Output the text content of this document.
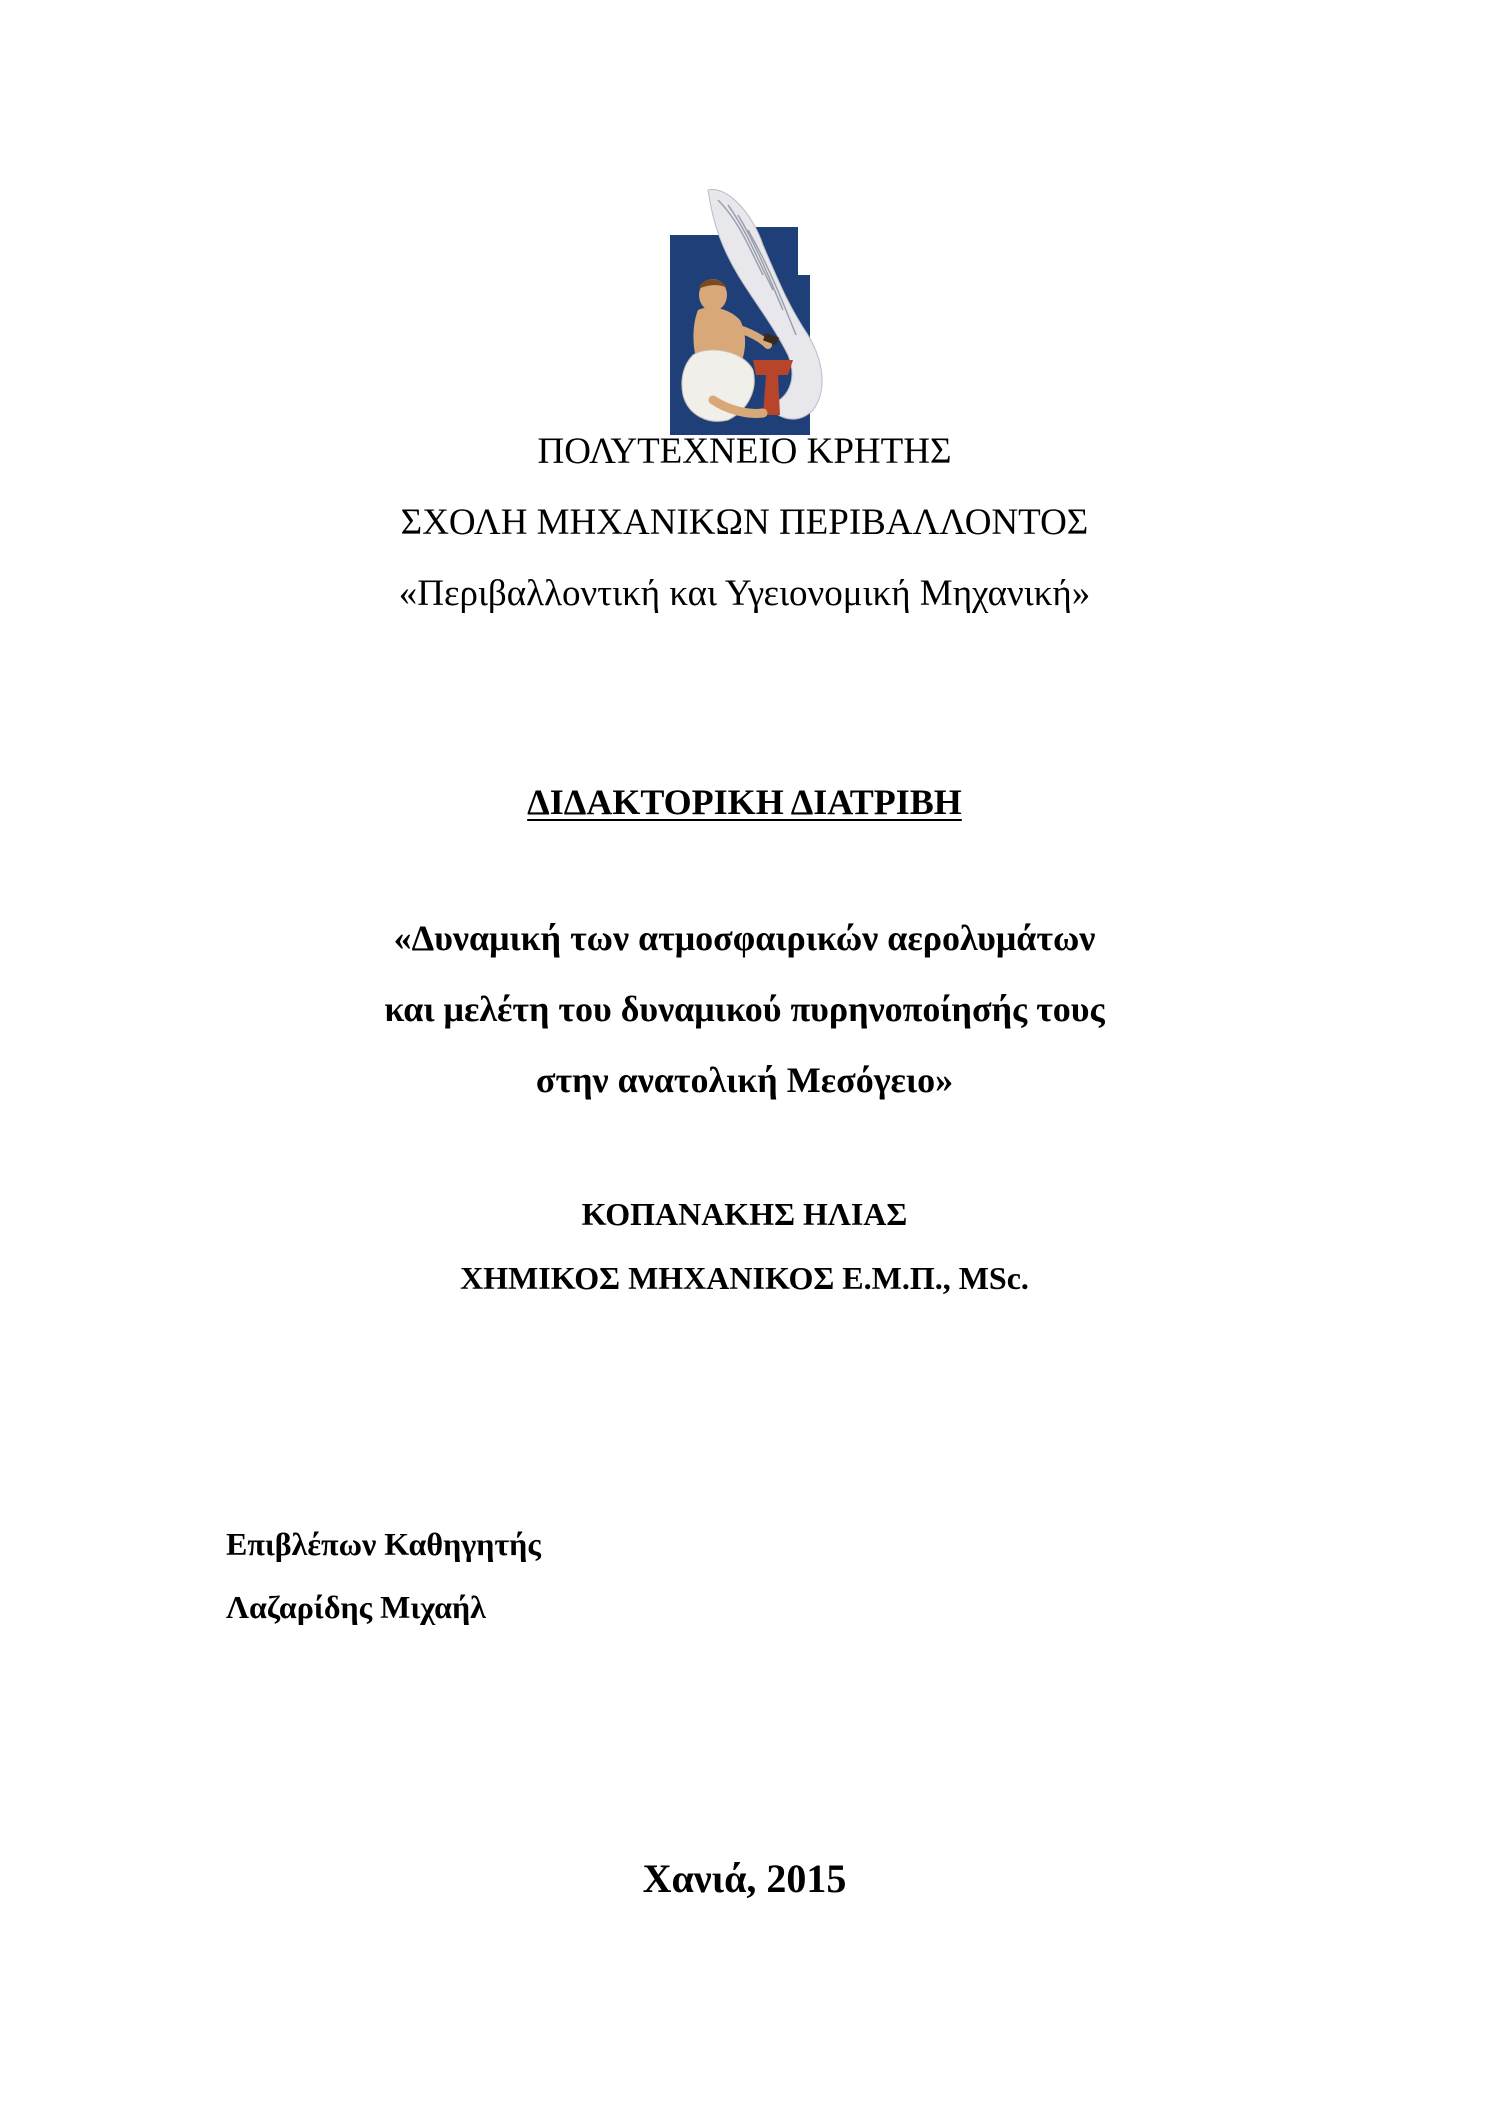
ΠΟΛΥΤΕΧΝΕΙΟ ΚΡΗΤΗΣ
ΣΧΟΛΗ ΜΗΧΑΝΙΚΩΝ ΠΕΡΙΒΑΛΛΟΝΤΟΣ
«Περιβαλλοντική και Υγειονομική Μηχανική»
ΔΙΔΑΚΤΟΡΙΚΗ ΔΙΑΤΡΙΒΗ
«Δυναμική των ατμοσφαιρικών αερολυμάτων
και μελέτη του δυναμικού πυρηνοποίησής τους
στην ανατολική Μεσόγειο»
ΚΟΠΑΝΑΚΗΣ ΗΛΙΑΣ
ΧΗΜΙΚΟΣ ΜΗΧΑΝΙΚΟΣ Ε.Μ.Π., MSc.
Επιβλέπων Καθηγητής
Λαζαρίδης Μιχαήλ
Χανιά, 2015
